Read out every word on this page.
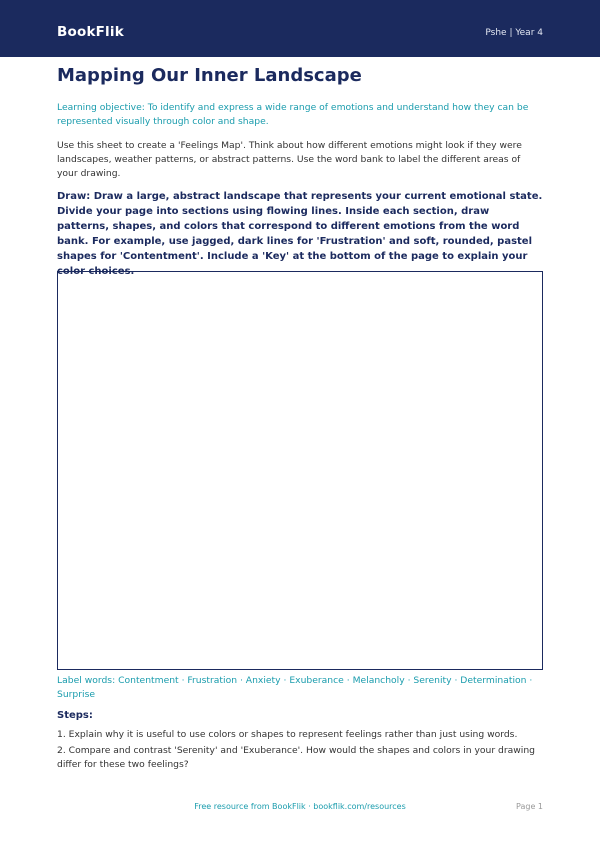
BookFlik	Pshe | Year 4
Mapping Our Inner Landscape

Learning objective: To identify and express a wide range of emotions and understand how they can be represented visually through color and shape.

Use this sheet to create a 'Feelings Map'. Think about how different emotions might look if they were landscapes, weather patterns, or abstract patterns. Use the word bank to label the different areas of your drawing.

Draw: Draw a large, abstract landscape that represents your current emotional state. Divide your page into sections using flowing lines. Inside each section, draw patterns, shapes, and colors that correspond to different emotions from the word bank. For example, use jagged, dark lines for 'Frustration' and soft, rounded, pastel shapes for 'Contentment'. Include a 'Key' at the bottom of the page to explain your color choices.

Label words: Contentment · Frustration · Anxiety · Exuberance · Melancholy · Serenity · Determination · Surprise
Steps:
1. Explain why it is useful to use colors or shapes to represent feelings rather than just using words.
2. Compare and contrast 'Serenity' and 'Exuberance'. How would the shapes and colors in your drawing differ for these two feelings?
Free resource from BookFlik · bookflik.com/resources	Page 1
